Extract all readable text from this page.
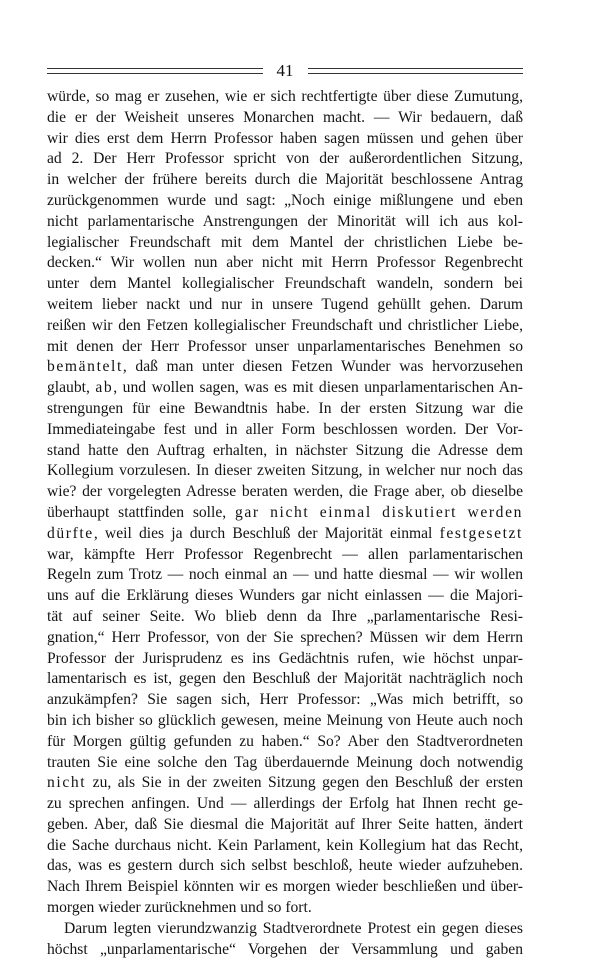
41
würde, so mag er zusehen, wie er sich rechtfertigte über diese Zumutung,
die er der Weisheit unseres Monarchen macht. — Wir bedauern, daß
wir dies erst dem Herrn Professor haben sagen müssen und gehen über
ad 2. Der Herr Professor spricht von der außerordentlichen Sitzung,
in welcher der frühere bereits durch die Majorität beschlossene Antrag
zurückgenommen wurde und sagt: „Noch einige mißlungene und eben
nicht parlamentarische Anstrengungen der Minorität will ich aus kol-
legialischer Freundschaft mit dem Mantel der christlichen Liebe be-
decken.“ Wir wollen nun aber nicht mit Herrn Professor Regenbrecht
unter dem Mantel kollegialischer Freundschaft wandeln, sondern bei
weitem lieber nackt und nur in unsere Tugend gehüllt gehen. Darum
reißen wir den Fetzen kollegialischer Freundschaft und christlicher Liebe,
mit denen der Herr Professor unser unparlamentarisches Benehmen so
bemäntelt, daß man unter diesen Fetzen Wunder was hervorzusehen
glaubt, ab, und wollen sagen, was es mit diesen unparlamentarischen An-
strengungen für eine Bewandtnis habe. In der ersten Sitzung war die
Immediateingabe fest und in aller Form beschlossen worden. Der Vor-
stand hatte den Auftrag erhalten, in nächster Sitzung die Adresse dem
Kollegium vorzulesen. In dieser zweiten Sitzung, in welcher nur noch das
wie? der vorgelegten Adresse beraten werden, die Frage aber, ob dieselbe
überhaupt stattfinden solle, gar nicht einmal diskutiert werden
dürfte, weil dies ja durch Beschluß der Majorität einmal festgesetzt
war, kämpfte Herr Professor Regenbrecht — allen parlamentarischen
Regeln zum Trotz — noch einmal an — und hatte diesmal — wir wollen
uns auf die Erklärung dieses Wunders gar nicht einlassen — die Majori-
tät auf seiner Seite. Wo blieb denn da Ihre „parlamentarische Resi-
gnation,“ Herr Professor, von der Sie sprechen? Müssen wir dem Herrn
Professor der Jurisprudenz es ins Gedächtnis rufen, wie höchst unpar-
lamentarisch es ist, gegen den Beschluß der Majorität nachträglich noch
anzukämpfen? Sie sagen sich, Herr Professor: „Was mich betrifft, so
bin ich bisher so glücklich gewesen, meine Meinung von Heute auch noch
für Morgen gültig gefunden zu haben.“ So? Aber den Stadtverordneten
trauten Sie eine solche den Tag überdauernde Meinung doch notwendig
nicht zu, als Sie in der zweiten Sitzung gegen den Beschluß der ersten
zu sprechen anfingen. Und — allerdings der Erfolg hat Ihnen recht ge-
geben. Aber, daß Sie diesmal die Majorität auf Ihrer Seite hatten, ändert
die Sache durchaus nicht. Kein Parlament, kein Kollegium hat das Recht,
das, was es gestern durch sich selbst beschloß, heute wieder aufzuheben.
Nach Ihrem Beispiel könnten wir es morgen wieder beschließen und über-
morgen wieder zurücknehmen und so fort.
Darum legten vierundzwanzig Stadtverordnete Protest ein gegen dieses
höchst „unparlamentarische“ Vorgehen der Versammlung und gaben
